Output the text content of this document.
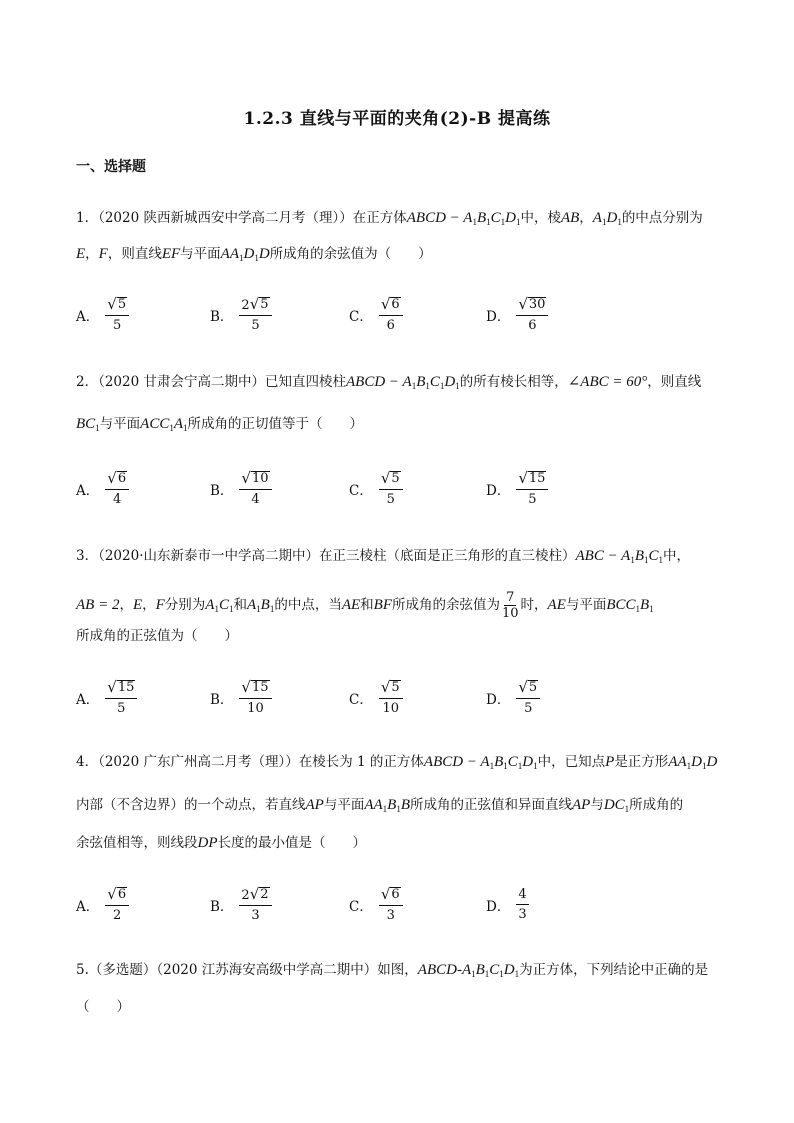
1.2.3 直线与平面的夹角(2)-B 提高练
一、选择题
1．（2020 陕西新城西安中学高二月考（理））在正方体ABCD − $A_1B_1C_1D_1$中，棱AB，$A_1D_1$的中点分别为
E，F，则直线EF与平面$AA_1D_1D$所成角的余弦值为（　　）
A． $\frac{√ 5}{5}$	B． $\frac{2 √ 5}{5}$	C． $\frac{√ 6}{6}$	D． $\frac{√ 30}{6}$
2．（2020 甘肃会宁高二期中）已知直四棱柱ABCD − $A_1B_1C_1D_1$的所有棱长相等，∠ABC = 60°，则直线
$BC_1$与平面$ACC_1A_1$所成角的正切值等于（　　）
A． $\frac{√ 6}{4}$	B． $\frac{√ 10}{4}$	C． $\frac{√ 5}{5}$	D． $\frac{√ 15}{5}$
3．（2020·山东新泰市一中学高二期中）在正三棱柱（底面是正三角形的直三棱柱）$ABC - A_1B_1C_1$中，
AB = 2，E，F分别为$A_1C_1$和$A_1B_1$的中点，当AE和BF所成角的余弦值为 $\frac{7}{10}$ 时，AE与平面$BCC_1B_1$
所成角的正弦值为（　　）
A． $\frac{√ 15}{5}$	B． $\frac{√ 15}{10}$	C． $\frac{√ 5}{10}$	D． $\frac{√ 5}{5}$
4．（2020 广东广州高二月考（理））在棱长为 1 的正方体ABCD − $A_1B_1C_1D_1$中，已知点P是正方形$AA_1D_1D$
内部（不含边界）的一个动点，若直线AP与平面$AA_1B_1B$所成角的正弦值和异面直线AP与$DC_1$所成角的
余弦值相等，则线段DP长度的最小值是（　　）
A． $\frac{√ 6}{2}$	B． $\frac{2 √ 2}{3}$	C． $\frac{√ 6}{3}$	D． $\frac{4}{3}$
5.（多选题）（2020 江苏海安高级中学高二期中）如图，ABCD-$A_1B_1C_1D_1$为正方体，下列结论中正确的是
（　　）
